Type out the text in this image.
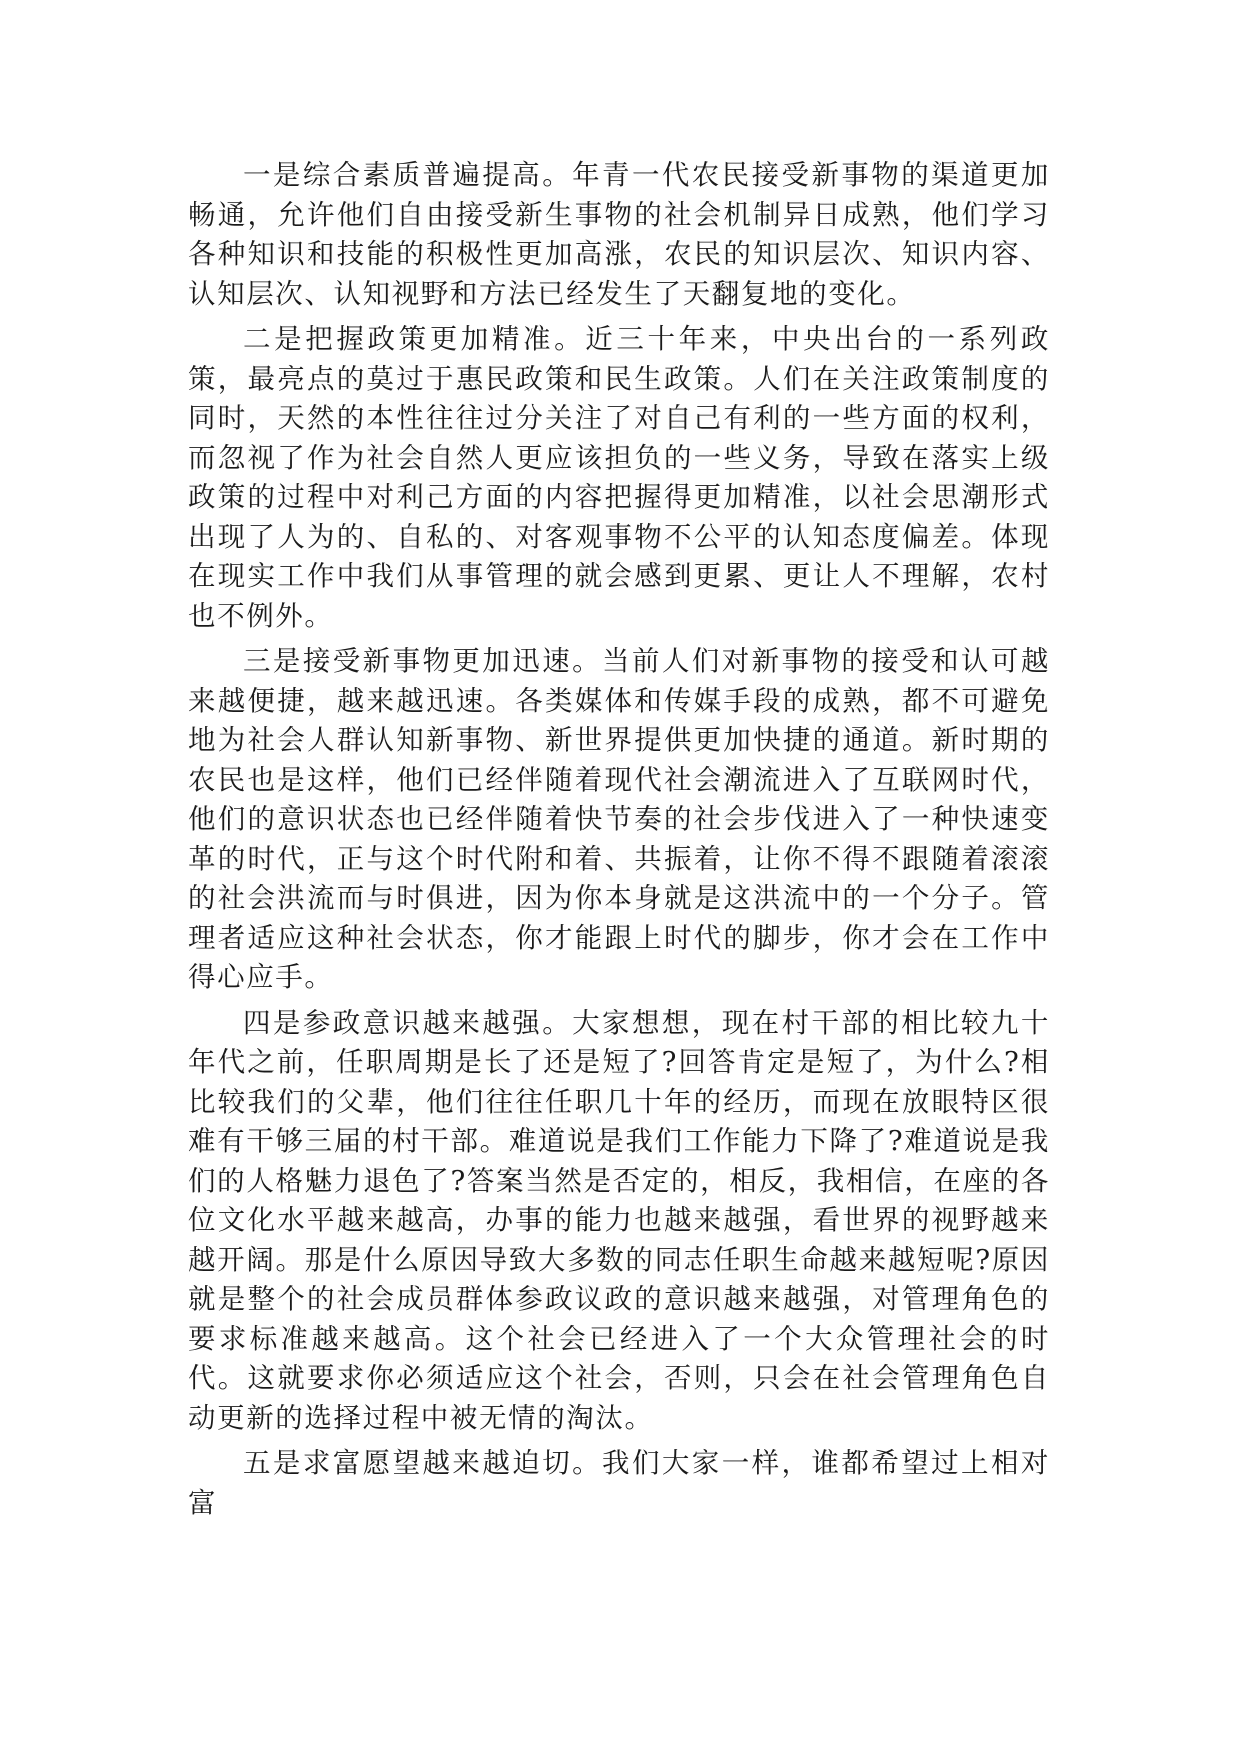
一是综合素质普遍提高。年青一代农民接受新事物的渠道更加畅通，允许他们自由接受新生事物的社会机制异日成熟，他们学习各种知识和技能的积极性更加高涨，农民的知识层次、知识内容、认知层次、认知视野和方法已经发生了天翻复地的变化。

二是把握政策更加精准。近三十年来，中央出台的一系列政策，最亮点的莫过于惠民政策和民生政策。人们在关注政策制度的同时，天然的本性往往过分关注了对自己有利的一些方面的权利，而忽视了作为社会自然人更应该担负的一些义务，导致在落实上级政策的过程中对利己方面的内容把握得更加精准，以社会思潮形式出现了人为的、自私的、对客观事物不公平的认知态度偏差。体现在现实工作中我们从事管理的就会感到更累、更让人不理解，农村也不例外。

三是接受新事物更加迅速。当前人们对新事物的接受和认可越来越便捷，越来越迅速。各类媒体和传媒手段的成熟，都不可避免地为社会人群认知新事物、新世界提供更加快捷的通道。新时期的农民也是这样，他们已经伴随着现代社会潮流进入了互联网时代，他们的意识状态也已经伴随着快节奏的社会步伐进入了一种快速变革的时代，正与这个时代附和着、共振着，让你不得不跟随着滚滚的社会洪流而与时俱进，因为你本身就是这洪流中的一个分子。管理者适应这种社会状态，你才能跟上时代的脚步，你才会在工作中得心应手。

四是参政意识越来越强。大家想想，现在村干部的相比较九十年代之前，任职周期是长了还是短了?回答肯定是短了，为什么?相比较我们的父辈，他们往往任职几十年的经历，而现在放眼特区很难有干够三届的村干部。难道说是我们工作能力下降了?难道说是我们的人格魅力退色了?答案当然是否定的，相反，我相信，在座的各位文化水平越来越高，办事的能力也越来越强，看世界的视野越来越开阔。那是什么原因导致大多数的同志任职生命越来越短呢?原因就是整个的社会成员群体参政议政的意识越来越强，对管理角色的要求标准越来越高。这个社会已经进入了一个大众管理社会的时代。这就要求你必须适应这个社会，否则，只会在社会管理角色自动更新的选择过程中被无情的淘汰。

五是求富愿望越来越迫切。我们大家一样，谁都希望过上相对富
